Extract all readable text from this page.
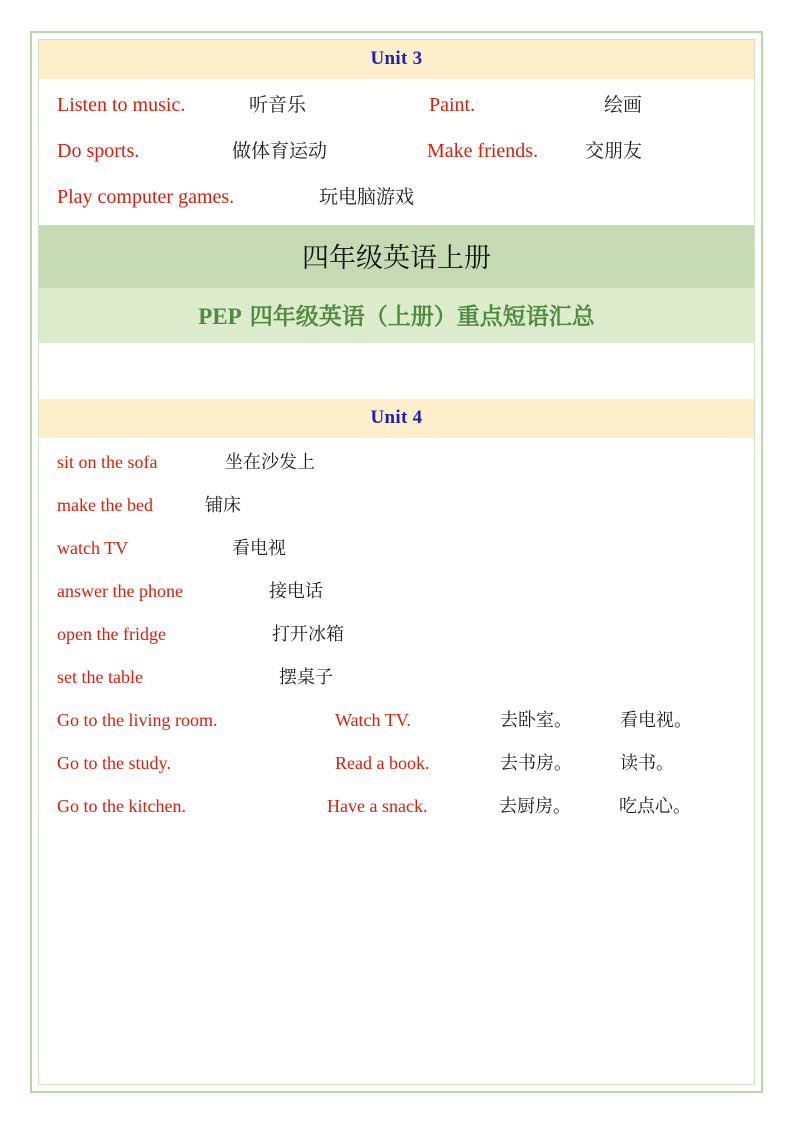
Unit 3
Listen to music.	听音乐	Paint.	绘画
Do sports.	做体育运动	Make friends.	交朋友
Play computer games.	玩电脑游戏
四年级英语上册
PEP 四年级英语（上册）重点短语汇总
Unit 4
sit on the sofa	坐在沙发上
make the bed	铺床
watch TV	看电视
answer the phone	接电话
open the fridge	打开冰箱
set the table	摆桌子
Go to the living room.	Watch TV.	去卧室。	看电视。
Go to the study.	Read a book.	去书房。	读书。
Go to the kitchen.	Have a snack.	去厨房。	吃点心。
